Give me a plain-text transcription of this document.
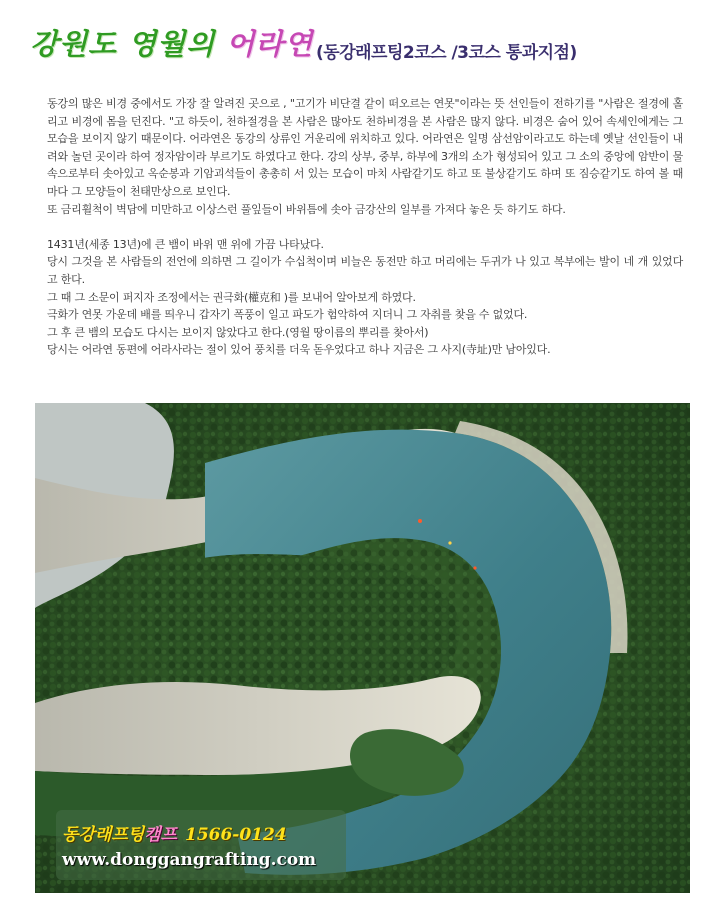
강원도 영월의 어라연 (동강래프팅2코스 /3코스 통과지점)

동강의 많은 비경 중에서도 가장 잘 알려진 곳으로 , "고기가 비단결 같이 떠오르는 연못"이라는 뜻 선인들이 전하기를 "사람은 절경에 홀리고 비경에 몸을 던진다. "고 하듯이, 천하절경을 본 사람은 많아도 천하비경을 본 사람은 많지 않다. 비경은 숨어 있어 속세인에게는 그 모습을 보이지 않기 때문이다. 어라연은 동강의 상류인 거운리에 위치하고 있다. 어라연은 일명 삼선암이라고도 하는데 옛날 선인들이 내려와 놀던 곳이라 하여 정자암이라 부르기도 하였다고 한다. 강의 상부, 중부, 하부에 3개의 소가 형성되어 있고 그 소의 중앙에 암반이 물속으로부터 솟아있고 옥순봉과 기암괴석들이 총총히 서 있는 모습이 마치 사람같기도 하고 또 불상같기도 하며 또 짐승같기도 하여 볼 때마다 그 모양들이 천태만상으로 보인다.

또 금리휠척이 벽담에 미만하고 이상스런 풀잎들이 바위틈에 솟아 금강산의 일부를 가져다 놓은 듯 하기도 하다.

1431년(세종 13년)에 큰 뱀이 바위 맨 위에 가끔 나타났다.

당시 그것을 본 사람들의 전언에 의하면 그 길이가 수십척이며 비늘은 동전만 하고 머리에는 두귀가 나 있고 복부에는 발이 네 개 있었다고 한다.

그 때 그 소문이 퍼지자 조정에서는 권극화(權克和 )를 보내어 알아보게 하였다.

극화가 연못 가운데 배를 띄우니 갑자기 폭풍이 일고 파도가 험악하여 지더니 그 자취를 찾을 수 없었다.

그 후 큰 뱀의 모습도 다시는 보이지 않았다고 한다.(영월 땅이름의 뿌리를 찾아서)

당시는 어라연 동편에 어라사라는 절이 있어 풍치를 더욱 돋우었다고 하나 지금은 그 사지(寺址)만 남아있다.

동강래프팅캠프 1566-0124
www.donggangrafting.com
